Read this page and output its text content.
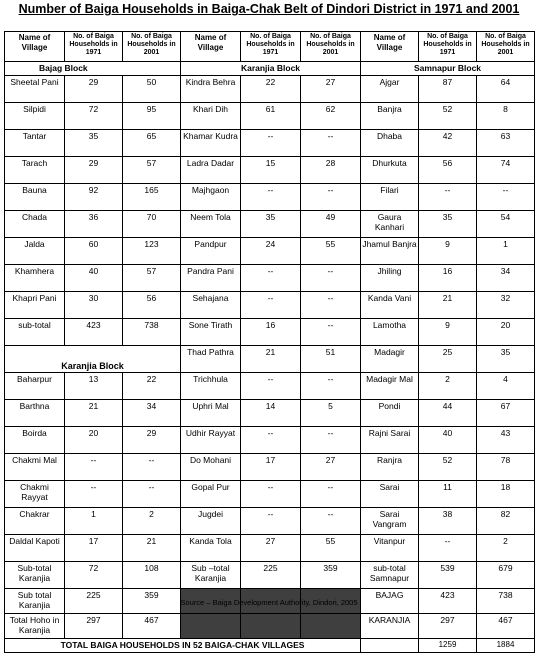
Number of Baiga Households in Baiga-Chak Belt of Dindori District in 1971 and 2001
Name of Village	No. of Baiga Households in 1971	No. of Baiga Households in 2001	Name of Village	No. of Baiga Households in 1971	No. of Baiga Households in 2001	Name of Village	No. of Baiga Households in 1971	No. of Baiga Households in 2001
Bajag Block			Karanjia Block			Samnapur Block		
Sheetal Pani	29	50	Kindra Behra	22	27	Ajgar	87	64
Silpidi	72	95	Khari Dih	61	62	Banjra	52	8
Tantar	35	65	Khamar Kudra	--	--	Dhaba	42	63
Tarach	29	57	Ladra Dadar	15	28	Dhurkuta	56	74
Bauna	92	165	Majhgaon	--	--	Filari	--	--
Chada	36	70	Neem Tola	35	49	Gaura Kanhari	35	54
Jalda	60	123	Pandpur	24	55	Jhamul Banjra	9	1
Khamhera	40	57	Pandra Pani	--	--	Jhiling	16	34
Khapri Pani	30	56	Sehajana	--	--	Kanda Vani	21	32
sub-total	423	738	Sone Tirath	16	--	Lamotha	9	20
Karanjia Block			Thad Pathra	21	51	Madagir	25	35
Baharpur	13	22	Trichhula	--	--	Madagir Mal	2	4
Barthna	21	34	Uphri Mal	14	5	Pondi	44	67
Boirda	20	29	Udhir Rayyat	--	--	Rajni Sarai	40	43
Chakmi Mal	--	--	Do Mohani	17	27	Ranjra	52	78
Chakmi Rayyat	--	--	Gopal Pur	--	--	Sarai	11	18
Chakrar	1	2	Jugdei	--	--	Sarai Vangram	38	82
Daldal Kapoti	17	21	Kanda Tola	27	55	Vitanpur	--	2
Sub-total Karanjia	72	108	Sub –total Karanjia	225	359	sub-total Samnapur	539	679
Sub total Karanjia	225	359				BAJAG	423	738
Total Hoho in Karanjia	297	467				KARANJIA	297	467
TOTAL BAIGA HOUSEHOLDS IN 52 BAIGA-CHAK VILLAGES							1259	1884
Source – Baiga Development Authority, Dindori, 2005
